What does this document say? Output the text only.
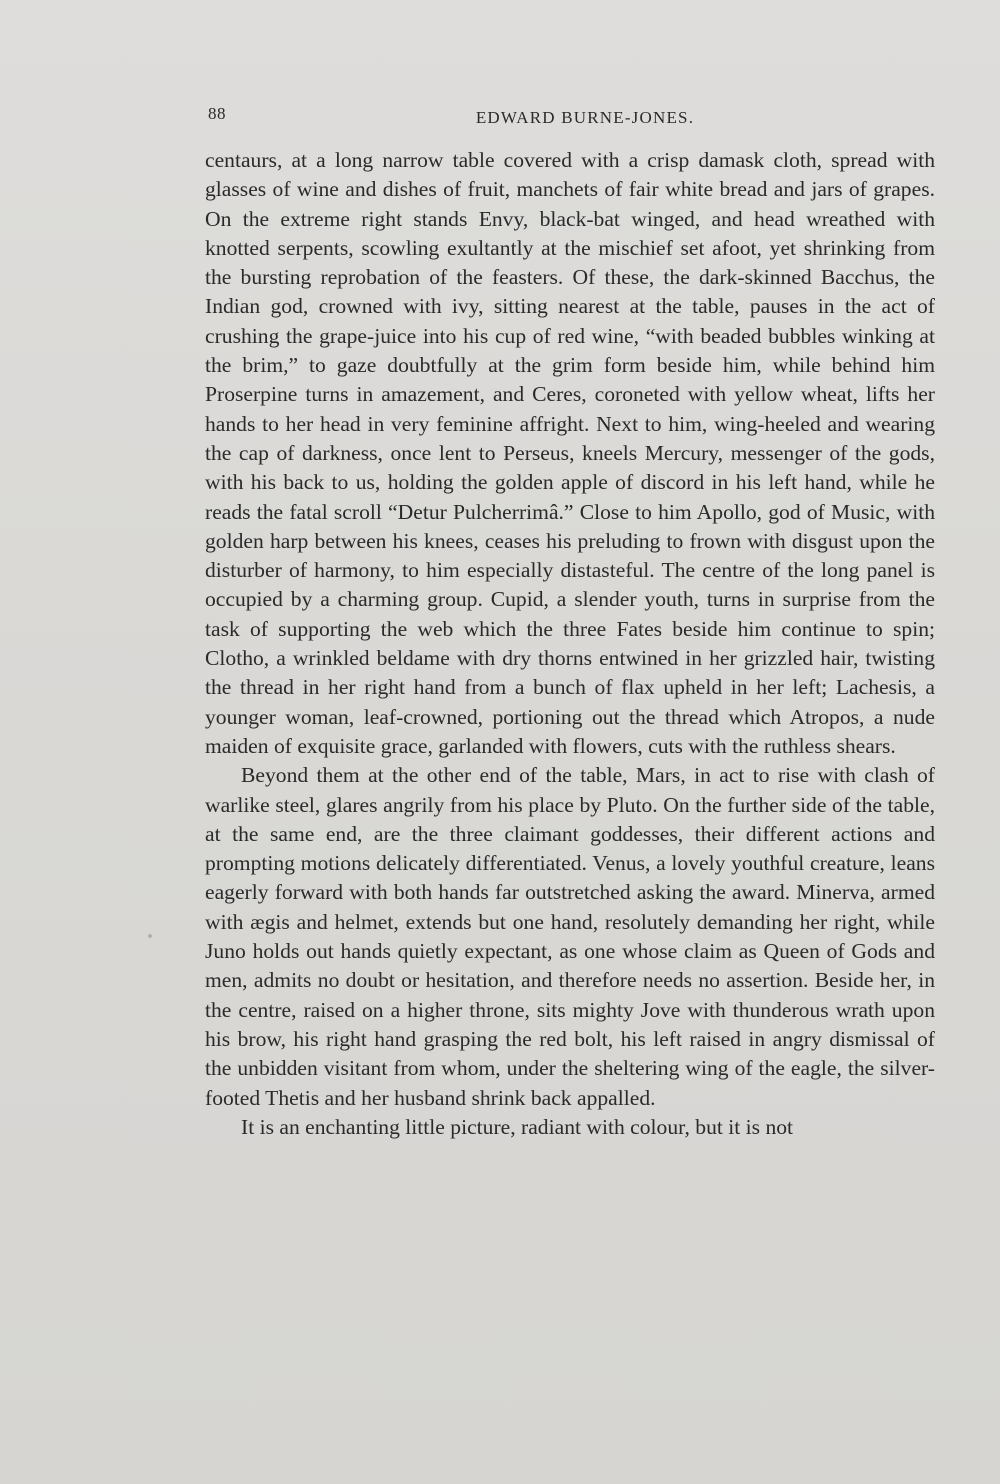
88	EDWARD BURNE-JONES.

centaurs, at a long narrow table covered with a crisp damask cloth, spread with glasses of wine and dishes of fruit, manchets of fair white bread and jars of grapes. On the extreme right stands Envy, black-bat winged, and head wreathed with knotted serpents, scowling exultantly at the mischief set afoot, yet shrinking from the bursting reprobation of the feasters. Of these, the dark-skinned Bacchus, the Indian god, crowned with ivy, sitting nearest at the table, pauses in the act of crushing the grape-juice into his cup of red wine, “with beaded bubbles winking at the brim,” to gaze doubtfully at the grim form beside him, while behind him Proserpine turns in amazement, and Ceres, coroneted with yellow wheat, lifts her hands to her head in very feminine affright. Next to him, wing-heeled and wearing the cap of darkness, once lent to Perseus, kneels Mercury, messenger of the gods, with his back to us, holding the golden apple of discord in his left hand, while he reads the fatal scroll “Detur Pulcherrimâ.” Close to him Apollo, god of Music, with golden harp between his knees, ceases his preluding to frown with disgust upon the disturber of harmony, to him especially distasteful. The centre of the long panel is occupied by a charming group. Cupid, a slender youth, turns in surprise from the task of supporting the web which the three Fates beside him continue to spin; Clotho, a wrinkled beldame with dry thorns entwined in her grizzled hair, twisting the thread in her right hand from a bunch of flax upheld in her left; Lachesis, a younger woman, leaf-crowned, portioning out the thread which Atropos, a nude maiden of exquisite grace, garlanded with flowers, cuts with the ruthless shears.

Beyond them at the other end of the table, Mars, in act to rise with clash of warlike steel, glares angrily from his place by Pluto. On the further side of the table, at the same end, are the three claimant goddesses, their different actions and prompting motions delicately differentiated. Venus, a lovely youthful creature, leans eagerly forward with both hands far outstretched asking the award. Minerva, armed with ægis and helmet, extends but one hand, resolutely demanding her right, while Juno holds out hands quietly expectant, as one whose claim as Queen of Gods and men, admits no doubt or hesitation, and therefore needs no assertion. Beside her, in the centre, raised on a higher throne, sits mighty Jove with thunderous wrath upon his brow, his right hand grasping the red bolt, his left raised in angry dismissal of the unbidden visitant from whom, under the sheltering wing of the eagle, the silver-footed Thetis and her husband shrink back appalled.

It is an enchanting little picture, radiant with colour, but it is not
